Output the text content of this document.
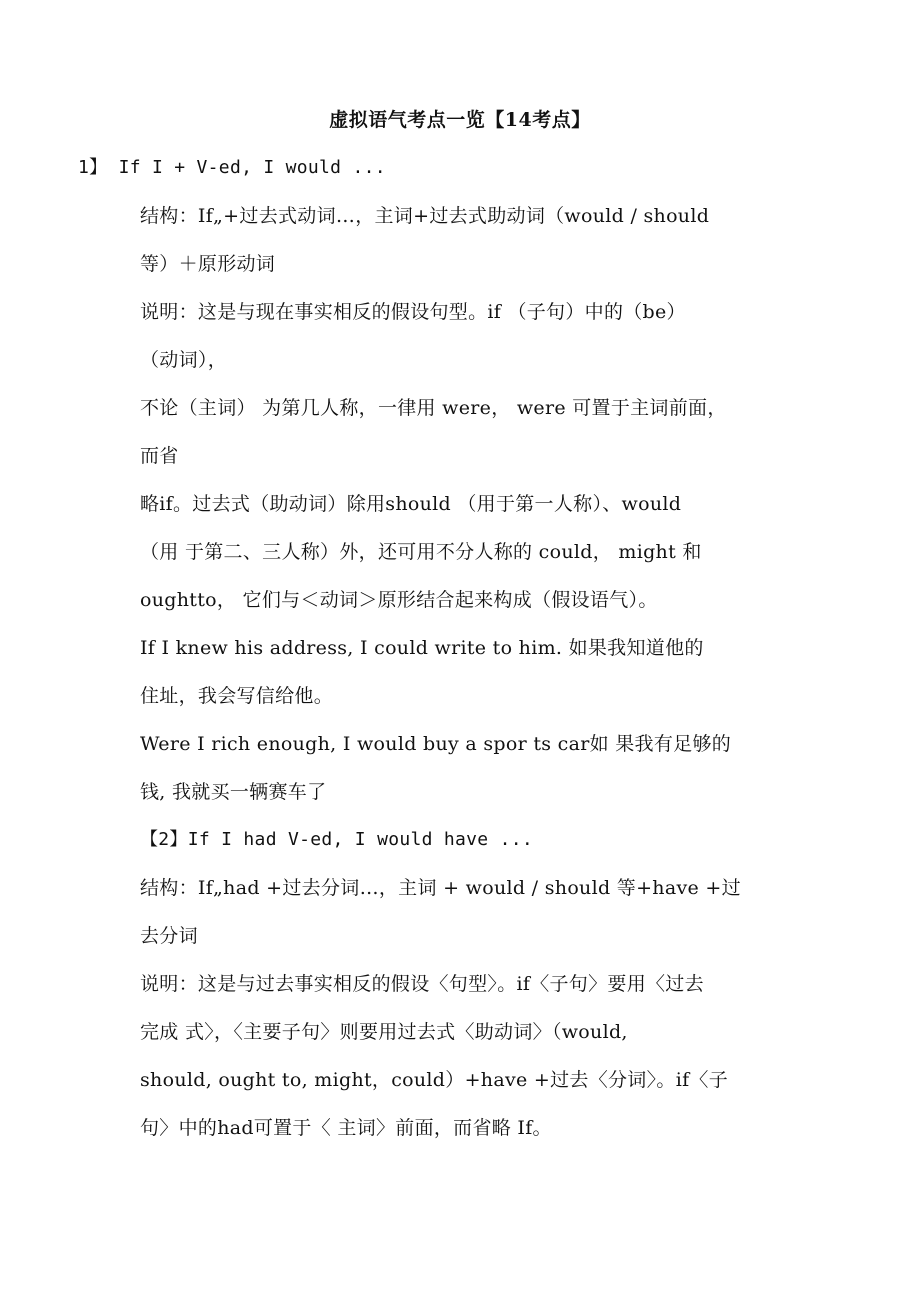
虚拟语气考点一览【14考点】
1】 If I + V-ed, I would ...
结构：If„+过去式动词…，主词+过去式助动词（would / should
等）＋原形动词
说明：这是与现在事实相反的假设句型。if （子句）中的（be）
（动词），
不论（主词） 为第几人称，一律用 were， were 可置于主词前面，
而省
略if。过去式（助动词）除用should （用于第一人称）、would
（用 于第二、三人称）外，还可用不分人称的 could， might 和
oughtto， 它们与＜动词＞原形结合起来构成（假设语气）。
If I knew his address, I could write to him. 如果我知道他的
住址，我会写信给他。
Were I rich enough, I would buy a spor ts car如 果我有足够的
钱, 我就买一辆赛车了
【2】If I had V-ed, I would have ...
结构：If„had +过去分词…，主词 + would / should 等+have +过
去分词
说明：这是与过去事实相反的假设〈句型〉。if〈子句〉要用〈过去
完成 式〉，〈主要子句〉则要用过去式〈助动词〉（would,
should, ought to, might，could）+have +过去〈分词〉。if〈子
句〉中的had可置于〈 主词〉前面，而省略 If。
